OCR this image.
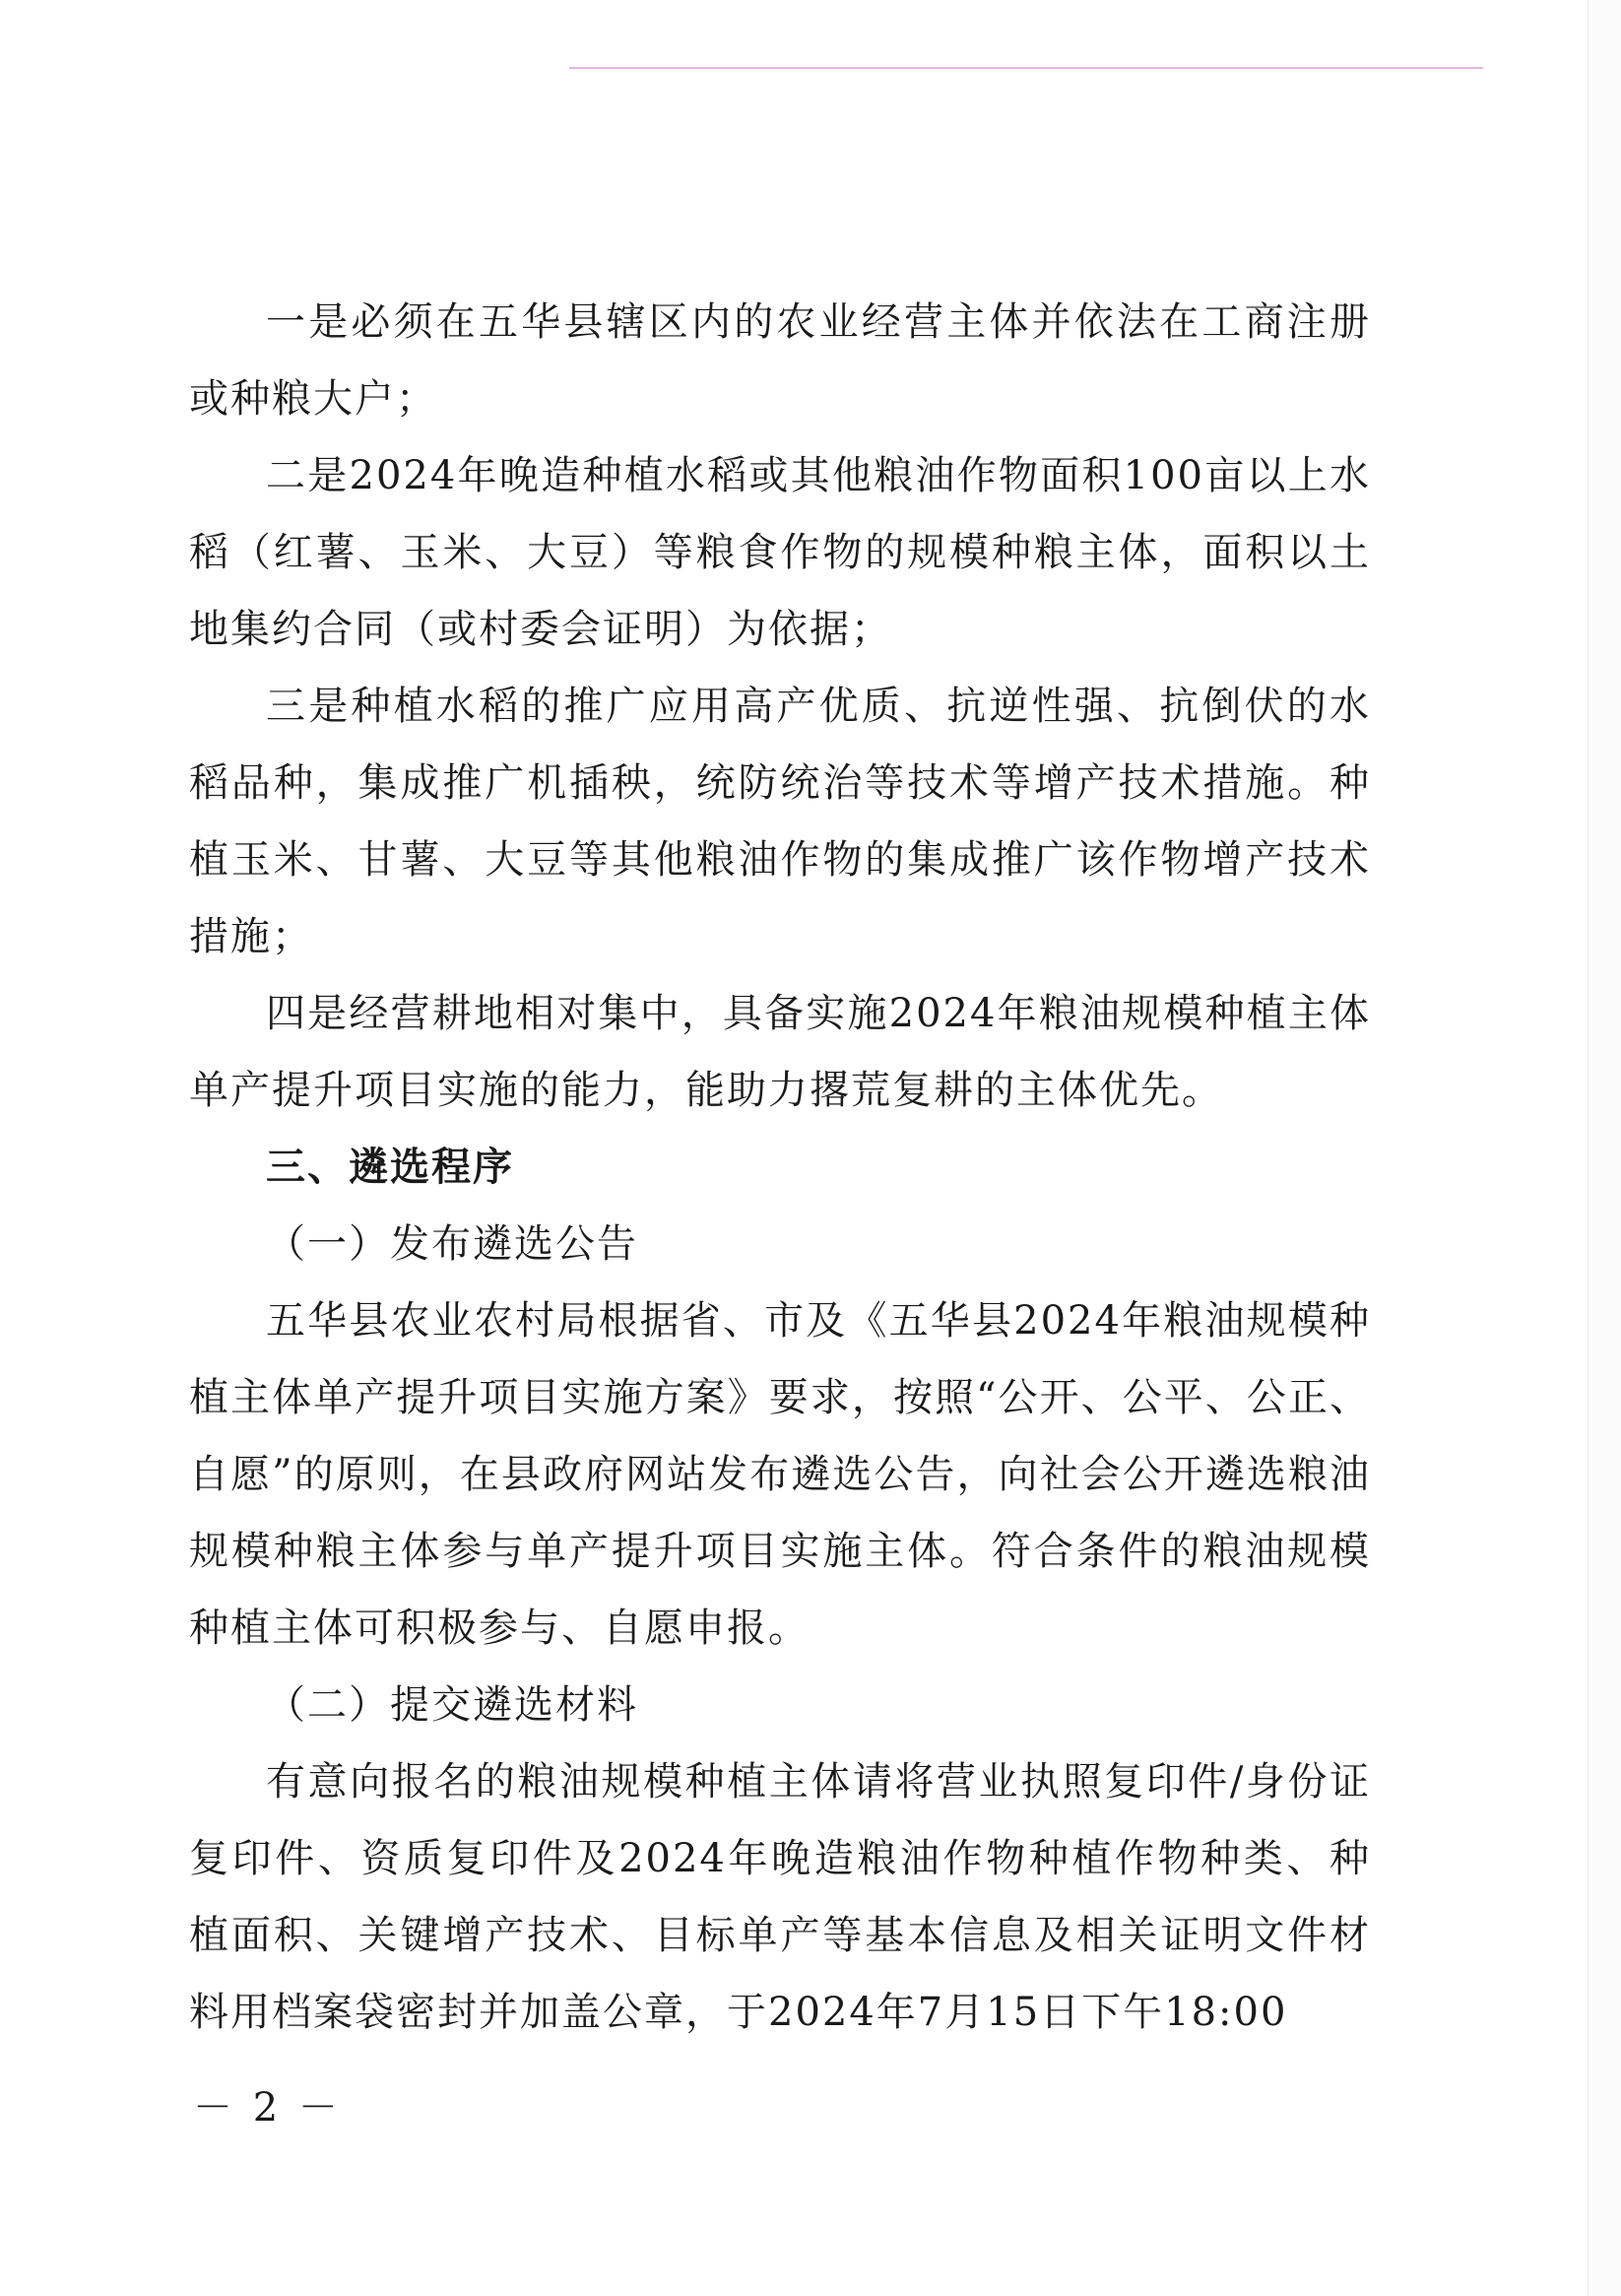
一是必须在五华县辖区内的农业经营主体并依法在工商注册或种粮大户；

二是2024年晚造种植水稻或其他粮油作物面积100亩以上水稻（红薯、玉米、大豆）等粮食作物的规模种粮主体，面积以土地集约合同（或村委会证明）为依据；

三是种植水稻的推广应用高产优质、抗逆性强、抗倒伏的水稻品种，集成推广机插秧，统防统治等技术等增产技术措施。种植玉米、甘薯、大豆等其他粮油作物的集成推广该作物增产技术措施；

四是经营耕地相对集中，具备实施2024年粮油规模种植主体单产提升项目实施的能力，能助力撂荒复耕的主体优先。

三、遴选程序

（一）发布遴选公告

五华县农业农村局根据省、市及《五华县2024年粮油规模种植主体单产提升项目实施方案》要求，按照“公开、公平、公正、自愿”的原则，在县政府网站发布遴选公告，向社会公开遴选粮油规模种粮主体参与单产提升项目实施主体。符合条件的粮油规模种植主体可积极参与、自愿申报。

（二）提交遴选材料

有意向报名的粮油规模种植主体请将营业执照复印件/身份证复印件、资质复印件及2024年晚造粮油作物种植作物种类、种植面积、关键增产技术、目标单产等基本信息及相关证明文件材料用档案袋密封并加盖公章，于2024年7月15日下午18:00

－ 2 －
